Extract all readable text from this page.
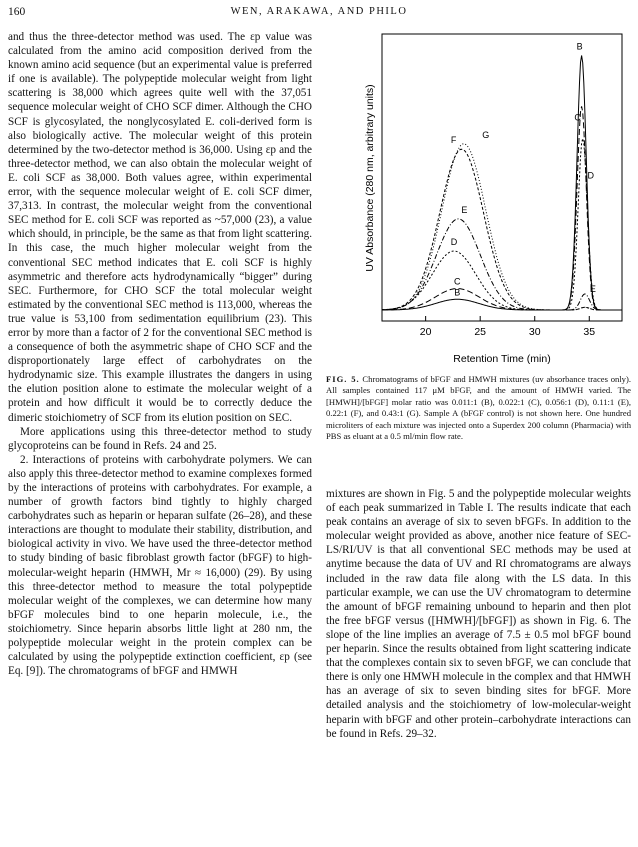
160	WEN, ARAKAWA, AND PHILO

and thus the three-detector method was used. The εp value was calculated from the amino acid composition derived from the known amino acid sequence (but an experimental value is preferred if one is available). The polypeptide molecular weight from light scattering is 38,000 which agrees quite well with the 37,051 sequence molecular weight of CHO SCF dimer. Although the CHO SCF is glycosylated, the nonglycosylated E. coli-derived form is also biologically active. The molecular weight of this protein determined by the two-detector method is 36,000. Using εp and the three-detector method, we can also obtain the molecular weight of E. coli SCF as 38,000. Both values agree, within experimental error, with the sequence molecular weight of E. coli SCF dimer, 37,313. In contrast, the molecular weight from the conventional SEC method for E. coli SCF was reported as ~57,000 (23), a value which should, in principle, be the same as that from light scattering. In this case, the much higher molecular weight from the conventional SEC method indicates that E. coli SCF is highly asymmetric and therefore acts hydrodynamically “bigger” during SEC. Furthermore, for CHO SCF the total molecular weight estimated by the conventional SEC method is 113,000, whereas the true value is 53,100 from sedimentation equilibrium (23). This error by more than a factor of 2 for the conventional SEC method is a consequence of both the asymmetric shape of CHO SCF and the disproportionately large effect of carbohydrates on the hydrodynamic size. This example illustrates the dangers in using the elution position alone to estimate the molecular weight of a protein and how difficult it would be to correctly deduce the dimeric stoichiometry of SCF from its elution position on SEC.

More applications using this three-detector method to study glycoproteins can be found in Refs. 24 and 25.

2. Interactions of proteins with carbohydrate polymers. We can also apply this three-detector method to examine complexes formed by the interactions of proteins with carbohydrates. For example, a number of growth factors bind tightly to highly charged carbohydrates such as heparin or heparan sulfate (26–28), and these interactions are thought to modulate their stability, distribution, and biological activity in vivo. We have used the three-detector method to study binding of basic fibroblast growth factor (bFGF) to high-molecular-weight heparin (HMWH, Mr ≈ 16,000) (29). By using this three-detector method to measure the total polypeptide molecular weight of the complexes, we can determine how many bFGF molecules bind to one heparin molecule, i.e., the stoichiometry. Since heparin absorbs little light at 280 nm, the polypeptide molecular weight in the protein complex can be calculated by using the polypeptide extinction coefficient, εp (see Eq. [9]). The chromatograms of bFGF and HMWH

20	25	30	35
B
B
C
C
D
D
E
E
F
G
UV Absorbance (280 nm, arbitrary units)
Retention Time (min)
FIG. 5. Chromatograms of bFGF and HMWH mixtures (uv absorbance traces only). All samples contained 117 μM bFGF, and the amount of HMWH varied. The [HMWH]/[bFGF] molar ratio was 0.011:1 (B), 0.022:1 (C), 0.056:1 (D), 0.11:1 (E), 0.22:1 (F), and 0.43:1 (G). Sample A (bFGF control) is not shown here. One hundred microliters of each mixture was injected onto a Superdex 200 column (Pharmacia) with PBS as eluant at a 0.5 ml/min flow rate.

mixtures are shown in Fig. 5 and the polypeptide molecular weights of each peak summarized in Table I. The results indicate that each peak contains an average of six to seven bFGFs. In addition to the molecular weight provided as above, another nice feature of SEC-LS/RI/UV is that all conventional SEC methods may be used at anytime because the data of UV and RI chromatograms are always included in the raw data file along with the LS data. In this particular example, we can use the UV chromatogram to determine the amount of bFGF remaining unbound to heparin and then plot the free bFGF versus ([HMWH]/[bFGF]) as shown in Fig. 6. The slope of the line implies an average of 7.5 ± 0.5 mol bFGF bound per heparin. Since the results obtained from light scattering indicate that the complexes contain six to seven bFGF, we can conclude that there is only one HMWH molecule in the complex and that HMWH has an average of six to seven binding sites for bFGF. More detailed analysis and the stoichiometry of low-molecular-weight heparin with bFGF and other protein–carbohydrate interactions can be found in Refs. 29–32.
